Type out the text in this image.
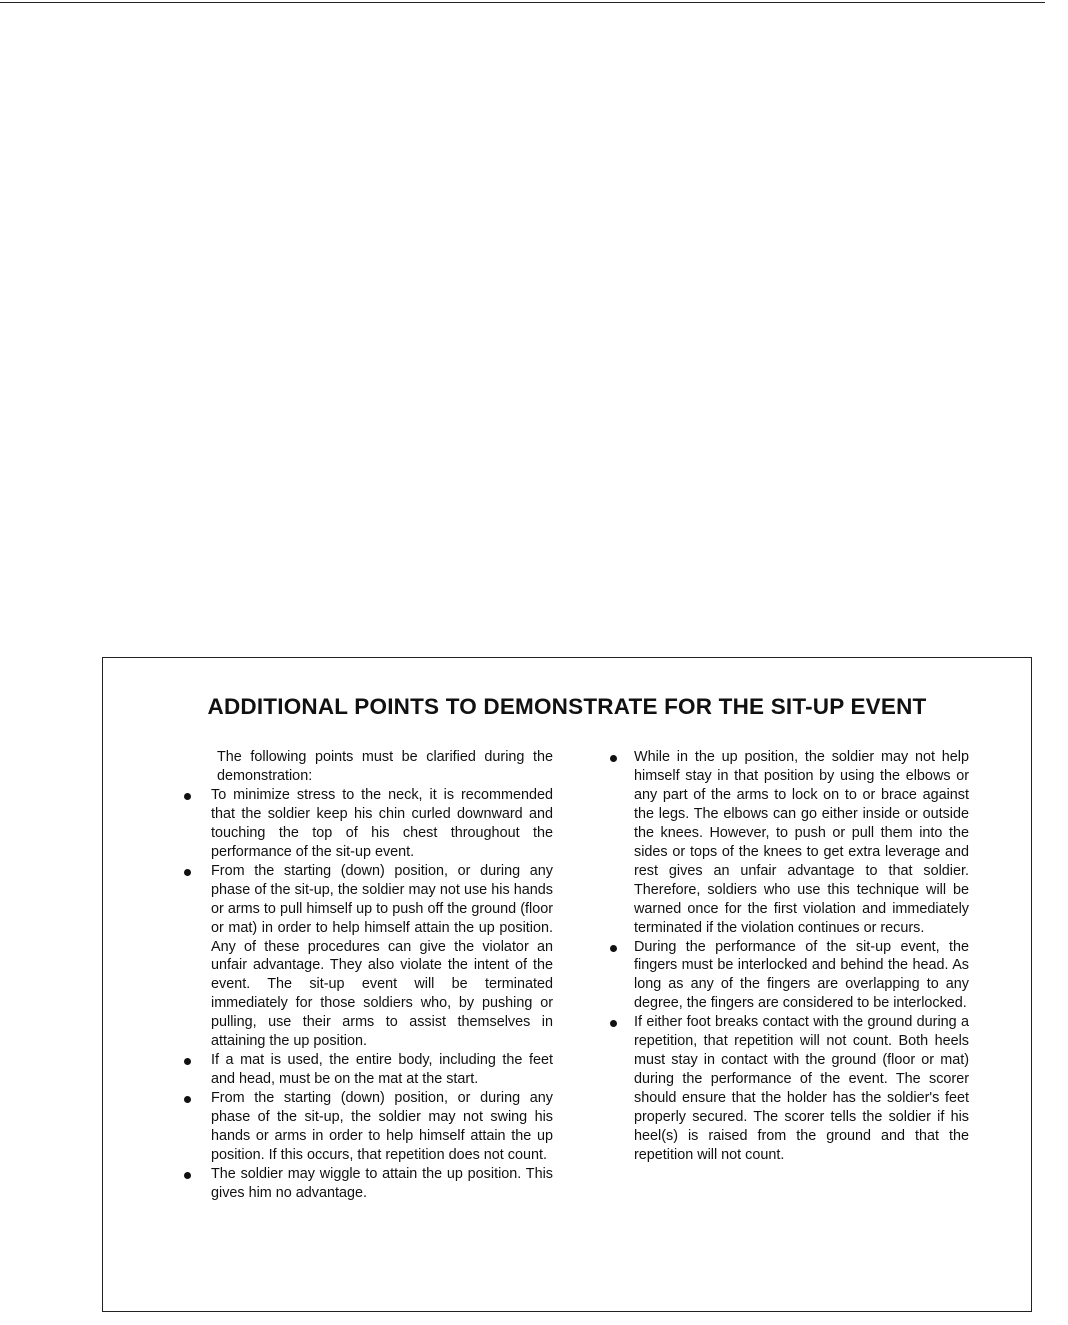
ADDITIONAL POINTS TO DEMONSTRATE FOR THE SIT-UP EVENT
The following points must be clarified during the demonstration:
To minimize stress to the neck, it is recommended that the soldier keep his chin curled downward and touching the top of his chest throughout the performance of the sit-up event.
From the starting (down) position, or during any phase of the sit-up, the soldier may not use his hands or arms to pull himself up to push off the ground (floor or mat) in order to help himself attain the up position. Any of these procedures can give the violator an unfair advantage. They also violate the intent of the event. The sit-up event will be terminated immediately for those soldiers who, by pushing or pulling, use their arms to assist themselves in attaining the up position.
If a mat is used, the entire body, including the feet and head, must be on the mat at the start.
From the starting (down) position, or during any phase of the sit-up, the soldier may not swing his hands or arms in order to help himself attain the up position. If this occurs, that repetition does not count.
The soldier may wiggle to attain the up position. This gives him no advantage.
While in the up position, the soldier may not help himself stay in that position by using the elbows or any part of the arms to lock on to or brace against the legs. The elbows can go either inside or outside the knees. However, to push or pull them into the sides or tops of the knees to get extra leverage and rest gives an unfair advantage to that soldier. Therefore, soldiers who use this technique will be warned once for the first violation and immediately terminated if the violation continues or recurs.
During the performance of the sit-up event, the fingers must be interlocked and behind the head. As long as any of the fingers are overlapping to any degree, the fingers are considered to be interlocked.
If either foot breaks contact with the ground during a repetition, that repetition will not count. Both heels must stay in contact with the ground (floor or mat) during the performance of the event. The scorer should ensure that the holder has the soldier's feet properly secured. The scorer tells the soldier if his heel(s) is raised from the ground and that the repetition will not count.
